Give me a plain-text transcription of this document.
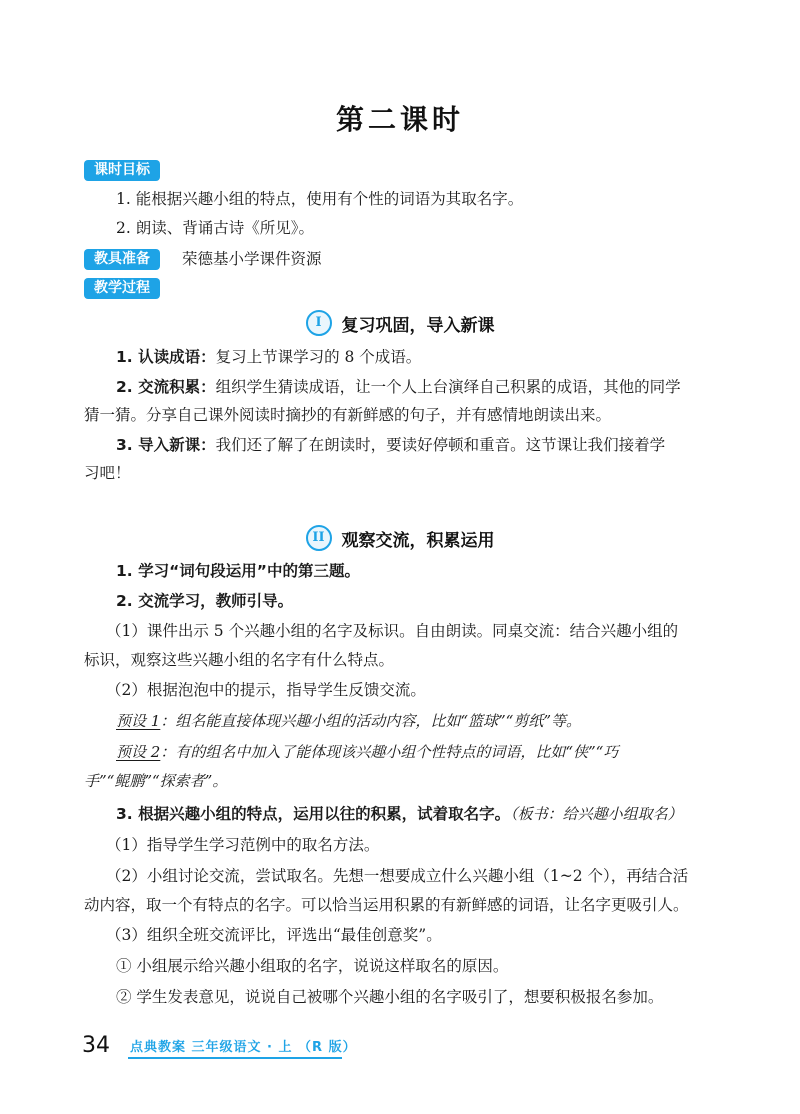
第二课时
课时目标
1. 能根据兴趣小组的特点，使用有个性的词语为其取名字。
2. 朗读、背诵古诗《所见》。
教具准备	荣德基小学课件资源
教学过程
I	复习巩固，导入新课
1. 认读成语：复习上节课学习的 8 个成语。
2. 交流积累：组织学生猜读成语，让一个人上台演绎自己积累的成语，其他的同学
猜一猜。分享自己课外阅读时摘抄的有新鲜感的句子，并有感情地朗读出来。
3. 导入新课：我们还了解了在朗读时，要读好停顿和重音。这节课让我们接着学
习吧！
II 观察交流，积累运用
1. 学习“词句段运用”中的第三题。
2. 交流学习，教师引导。
（1）课件出示 5 个兴趣小组的名字及标识。自由朗读。同桌交流：结合兴趣小组的
标识，观察这些兴趣小组的名字有什么特点。
（2）根据泡泡中的提示，指导学生反馈交流。
预设 1：组名能直接体现兴趣小组的活动内容，比如“篮球”“剪纸”等。
预设 2：有的组名中加入了能体现该兴趣小组个性特点的词语，比如“侠”“巧
手”“鲲鹏”“探索者”。
3. 根据兴趣小组的特点，运用以往的积累，试着取名字。（板书：给兴趣小组取名）
（1）指导学生学习范例中的取名方法。
（2）小组讨论交流，尝试取名。先想一想要成立什么兴趣小组（1~2 个），再结合活
动内容，取一个有特点的名字。可以恰当运用积累的有新鲜感的词语，让名字更吸引人。
（3）组织全班交流评比，评选出“最佳创意奖”。
① 小组展示给兴趣小组取的名字，说说这样取名的原因。
② 学生发表意见，说说自己被哪个兴趣小组的名字吸引了，想要积极报名参加。
34 点典教案 三年级语文 · 上 （R 版）
